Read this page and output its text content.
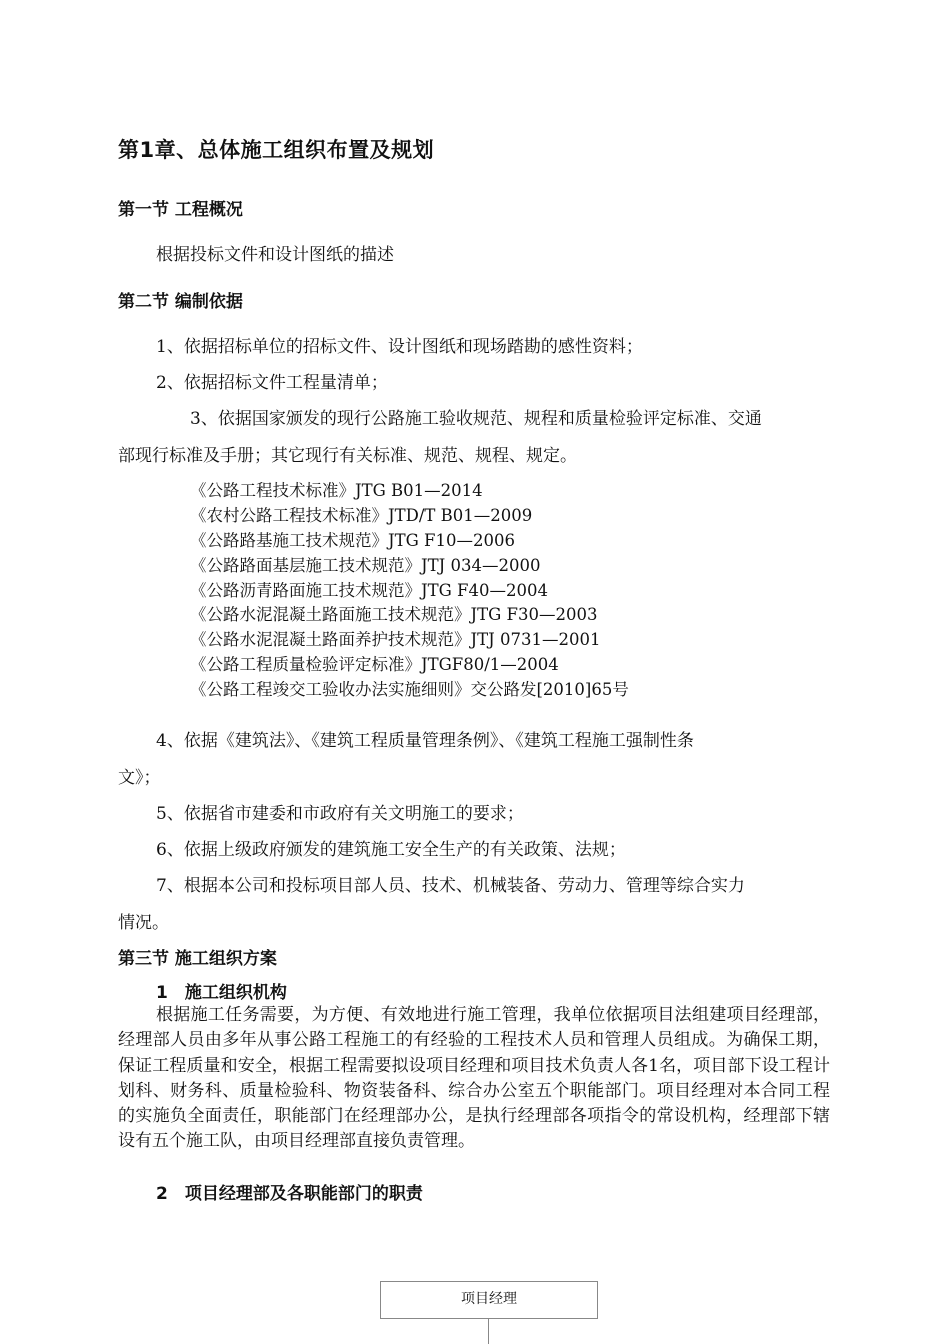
第1章、总体施工组织布置及规划
第一节 工程概况
根据投标文件和设计图纸的描述
第二节 编制依据
1、依据招标单位的招标文件、设计图纸和现场踏勘的感性资料；
2、依据招标文件工程量清单；
3、依据国家颁发的现行公路施工验收规范、规程和质量检验评定标准、交通
部现行标准及手册；其它现行有关标准、规范、规程、规定。
《公路工程技术标准》JTG B01—2014
《农村公路工程技术标准》JTD/T B01—2009
《公路路基施工技术规范》JTG F10—2006
《公路路面基层施工技术规范》JTJ 034—2000
《公路沥青路面施工技术规范》JTG F40—2004
《公路水泥混凝土路面施工技术规范》JTG F30—2003
《公路水泥混凝土路面养护技术规范》JTJ 0731—2001
《公路工程质量检验评定标准》JTGF80/1—2004
《公路工程竣交工验收办法实施细则》交公路发[2010]65号
4、依据《建筑法》、《建筑工程质量管理条例》、《建筑工程施工强制性条
文》；
5、依据省市建委和市政府有关文明施工的要求；
6、依据上级政府颁发的建筑施工安全生产的有关政策、法规；
7、根据本公司和投标项目部人员、技术、机械装备、劳动力、管理等综合实力
情况。
第三节 施工组织方案
1　施工组织机构
根据施工任务需要，为方便、有效地进行施工管理，我单位依据项目法组建项目经理部，经理部人员由多年从事公路工程施工的有经验的工程技术人员和管理人员组成。为确保工期，保证工程质量和安全，根据工程需要拟设项目经理和项目技术负责人各1名，项目部下设工程计划科、财务科、质量检验科、物资装备科、综合办公室五个职能部门。项目经理对本合同工程的实施负全面责任，职能部门在经理部办公，是执行经理部各项指令的常设机构，经理部下辖设有五个施工队，由项目经理部直接负责管理。
2　项目经理部及各职能部门的职责
项目经理
